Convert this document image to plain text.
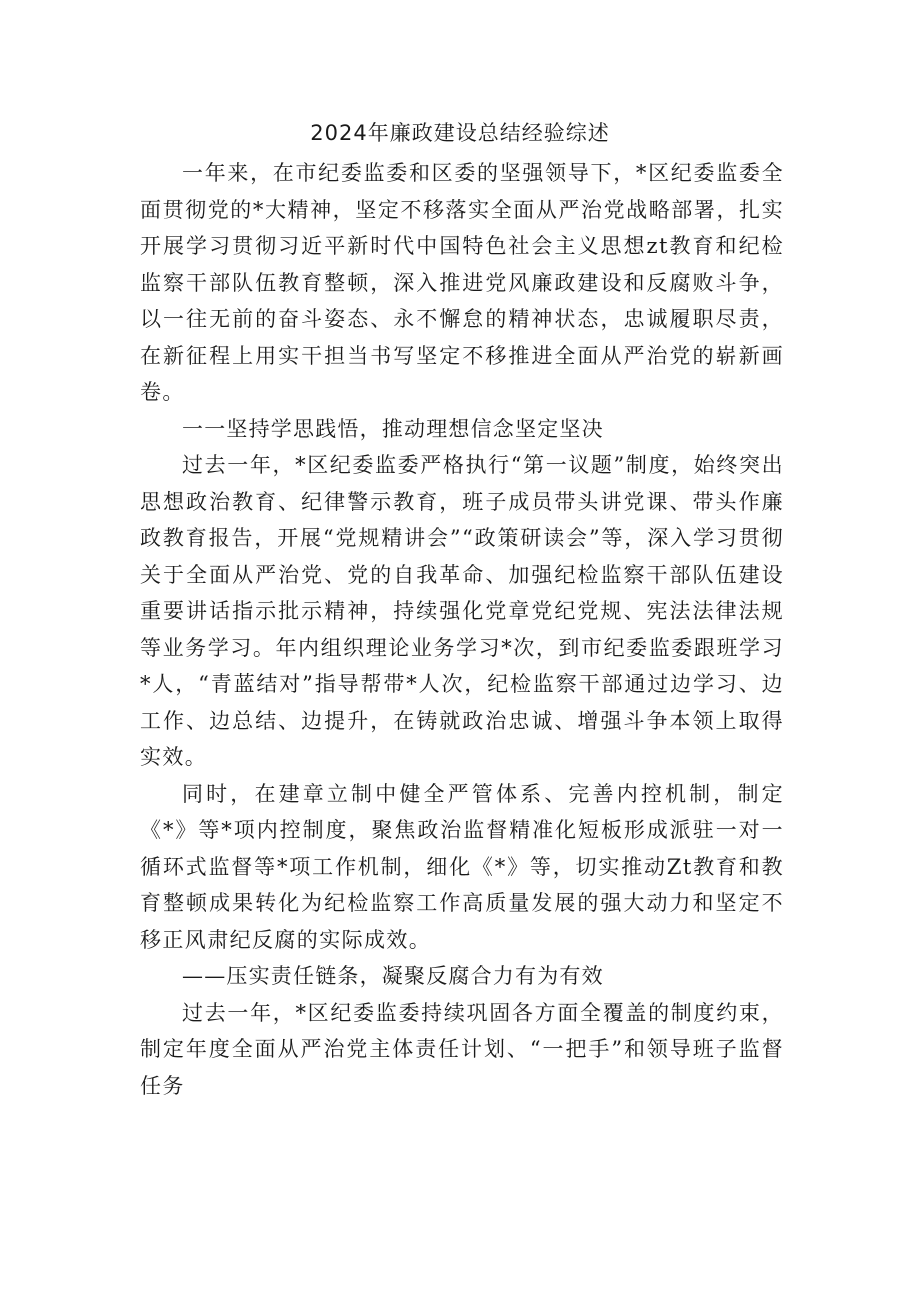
2024年廉政建设总结经验综述

一年来，在市纪委监委和区委的坚强领导下，*区纪委监委全面贯彻党的*大精神，坚定不移落实全面从严治党战略部署，扎实开展学习贯彻习近平新时代中国特色社会主义思想zt教育和纪检监察干部队伍教育整顿，深入推进党风廉政建设和反腐败斗争，以一往无前的奋斗姿态、永不懈怠的精神状态，忠诚履职尽责，在新征程上用实干担当书写坚定不移推进全面从严治党的崭新画卷。

一一坚持学思践悟，推动理想信念坚定坚决

过去一年，*区纪委监委严格执行“第一议题”制度，始终突出思想政治教育、纪律警示教育，班子成员带头讲党课、带头作廉政教育报告，开展“党规精讲会”“政策研读会”等，深入学习贯彻关于全面从严治党、党的自我革命、加强纪检监察干部队伍建设重要讲话指示批示精神，持续强化党章党纪党规、宪法法律法规等业务学习。年内组织理论业务学习*次，到市纪委监委跟班学习*人，“青蓝结对”指导帮带*人次，纪检监察干部通过边学习、边工作、边总结、边提升，在铸就政治忠诚、增强斗争本领上取得实效。

同时，在建章立制中健全严管体系、完善内控机制，制定《*》等*项内控制度，聚焦政治监督精准化短板形成派驻一对一循环式监督等*项工作机制，细化《*》等，切实推动Zt教育和教育整顿成果转化为纪检监察工作高质量发展的强大动力和坚定不移正风肃纪反腐的实际成效。

——压实责任链条，凝聚反腐合力有为有效

过去一年，*区纪委监委持续巩固各方面全覆盖的制度约束，制定年度全面从严治党主体责任计划、“一把手”和领导班子监督任务
